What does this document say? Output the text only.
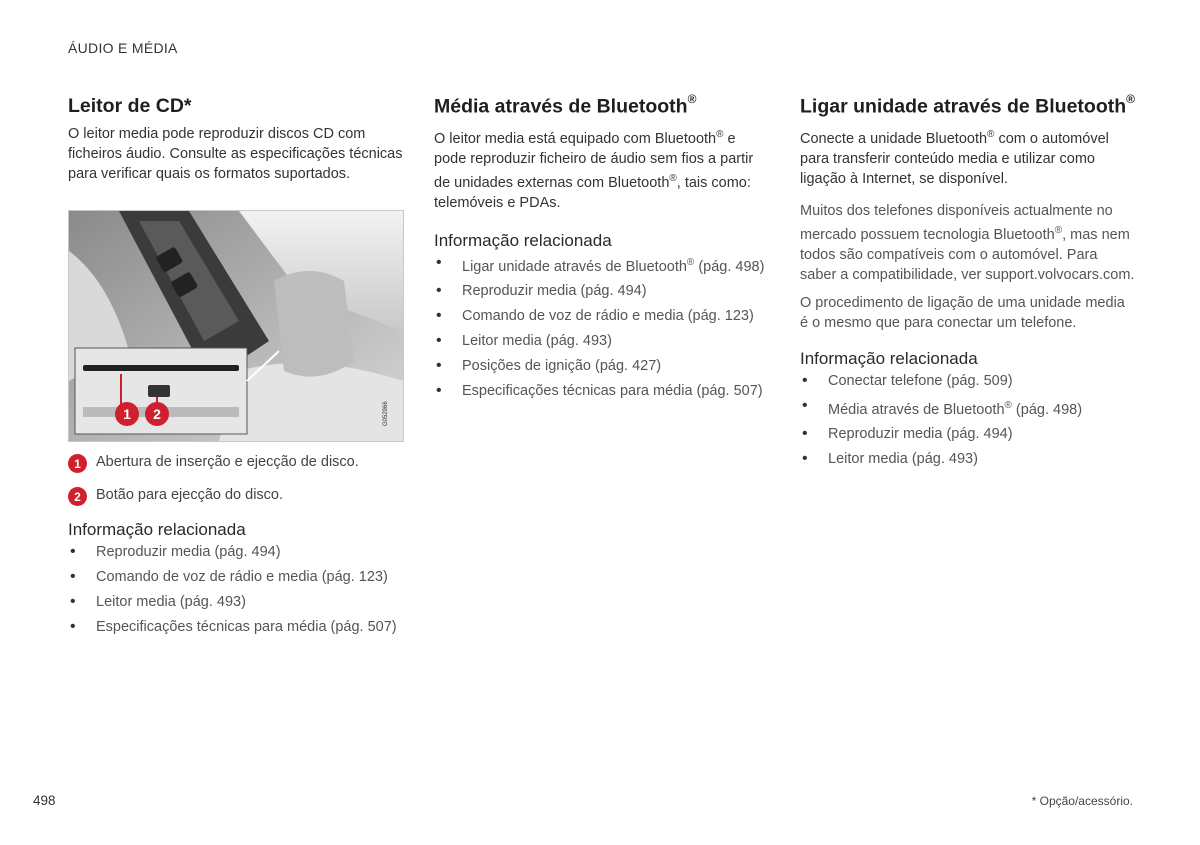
ÁUDIO E MÉDIA
Leitor de CD*

O leitor media pode reproduzir discos CD com ficheiros áudio. Consulte as especificações técnicas para verificar quais os formatos suportados.

1 2	G052966
1	Abertura de inserção e ejecção de disco.
2	Botão para ejecção do disco.
Informação relacionada
• Reproduzir media (pág. 494)
• Comando de voz de rádio e media (pág. 123)
• Leitor media (pág. 493)
• Especificações técnicas para média (pág. 507)
Média através de Bluetooth®

O leitor media está equipado com Bluetooth® e pode reproduzir ficheiro de áudio sem fios a partir de unidades externas com Bluetooth®, tais como: telemóveis e PDAs.

Informação relacionada
• Ligar unidade através de Bluetooth® (pág. 498)
• Reproduzir media (pág. 494)
• Comando de voz de rádio e media (pág. 123)
• Leitor media (pág. 493)
• Posições de ignição (pág. 427)
• Especificações técnicas para média (pág. 507)
Ligar unidade através de Bluetooth®

Conecte a unidade Bluetooth® com o automóvel para transferir conteúdo media e utilizar como ligação à Internet, se disponível.

Muitos dos telefones disponíveis actualmente no mercado possuem tecnologia Bluetooth®, mas nem todos são compatíveis com o automóvel. Para saber a compatibilidade, ver support.volvocars.com.

O procedimento de ligação de uma unidade media é o mesmo que para conectar um telefone.

Informação relacionada
• Conectar telefone (pág. 509)
• Média através de Bluetooth® (pág. 498)
• Reproduzir media (pág. 494)
• Leitor media (pág. 493)
498	* Opção/acessório.
